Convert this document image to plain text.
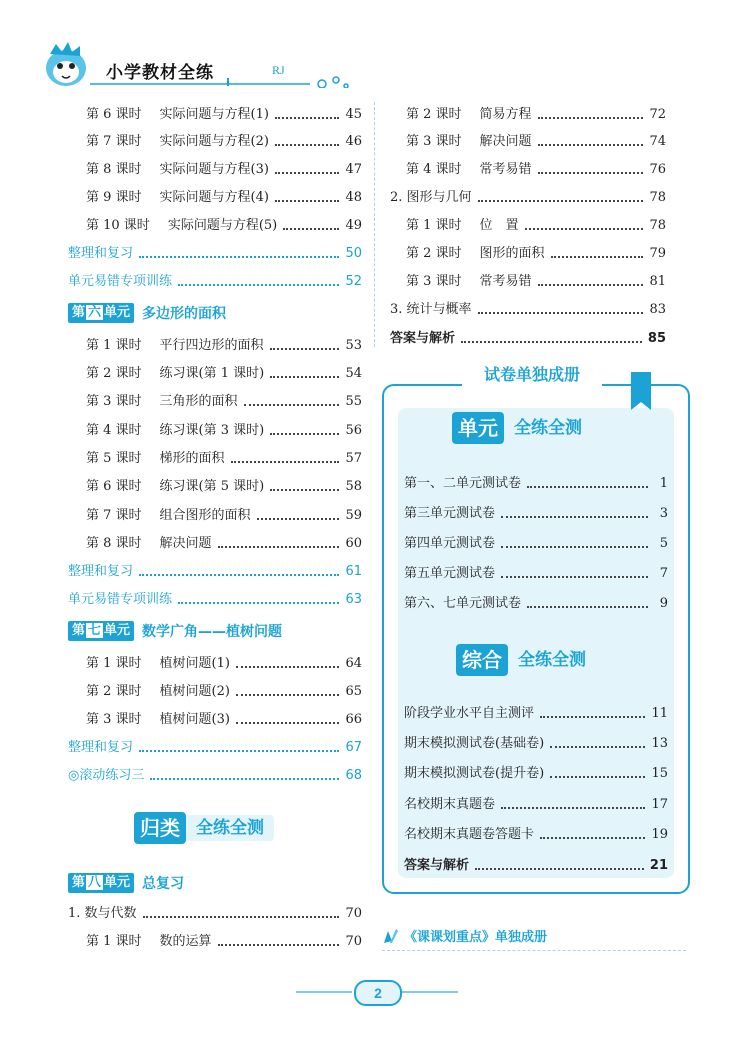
小学教材全练	RJ
第 6 课时 实际问题与方程(1)	45
第 7 课时 实际问题与方程(2)	46
第 8 课时 实际问题与方程(3)	47
第 9 课时 实际问题与方程(4)	48
第 10 课时 实际问题与方程(5)	49
整理和复习	50
单元易错专项训练	52
第 六 单元 多边形的面积
第 1 课时 平行四边形的面积	53
第 2 课时 练习课(第 1 课时)	54
第 3 课时 三角形的面积	55
第 4 课时 练习课(第 3 课时)	56
第 5 课时 梯形的面积	57
第 6 课时 练习课(第 5 课时)	58
第 7 课时 组合图形的面积	59
第 8 课时 解决问题	60
整理和复习	61
单元易错专项训练	63
第 七 单元 数学广角——植树问题
第 1 课时 植树问题(1)	64
第 2 课时 植树问题(2)	65
第 3 课时 植树问题(3)	66
整理和复习	67
◎滚动练习三	68
归类 全练全测
第 八 单元 总复习
1. 数与代数	70
第 1 课时 数的运算	70
第 2 课时 简易方程	72
第 3 课时 解决问题	74
第 4 课时 常考易错	76
2. 图形与几何	78
第 1 课时 位　置	78
第 2 课时 图形的面积	79
第 3 课时 常考易错	81
3. 统计与概率	83
答案与解析	85
试卷单独成册
单元 全练全测
第一、二单元测试卷	1
第三单元测试卷	3
第四单元测试卷	5
第五单元测试卷	7
第六、七单元测试卷	9
综合 全练全测
阶段学业水平自主测评	11
期末模拟测试卷(基础卷)	13
期末模拟测试卷(提升卷)	15
名校期末真题卷	17
名校期末真题卷答题卡	19
答案与解析	21
《课课划重点》单独成册
2
